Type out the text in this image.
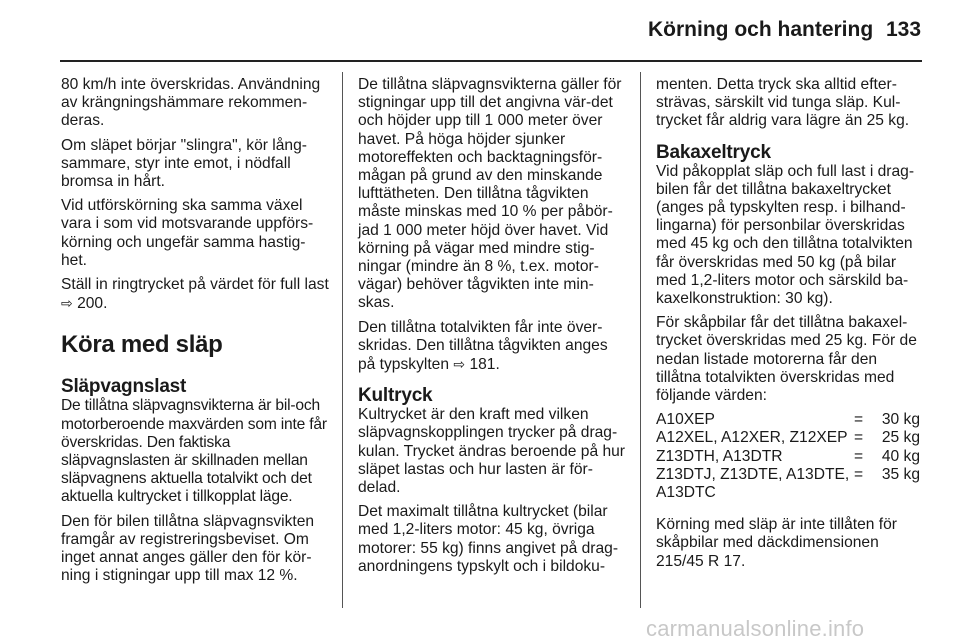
Körning och hantering 133

80 km/h inte överskridas. Användning av krängningshämmare rekommen-deras.

Om släpet börjar "slingra", kör lång-sammare, styr inte emot, i nödfall bromsa in hårt.

Vid utförskörning ska samma växel vara i som vid motsvarande uppförs-körning och ungefär samma hastig-het.

Ställ in ringtrycket på värdet för full last ⇨ 200.

Köra med släp
Släpvagnslast

De tillåtna släpvagnsvikterna är bil-och motorberoende maxvärden som inte får överskridas. Den faktiska släpvagnslasten är skillnaden mellan släpvagnens aktuella totalvikt och det aktuella kultrycket i tillkopplat läge.

Den för bilen tillåtna släpvagnsvikten framgår av registreringsbeviset. Om inget annat anges gäller den för kör-ning i stigningar upp till max 12 %.

De tillåtna släpvagnsvikterna gäller för stigningar upp till det angivna vär-det och höjder upp till 1 000 meter över havet. På höga höjder sjunker motoreffekten och backtagningsför-mågan på grund av den minskande lufttätheten. Den tillåtna tågvikten måste minskas med 10 % per påbör-jad 1 000 meter höjd över havet. Vid körning på vägar med mindre stig-ningar (mindre än 8 %, t.ex. motor-vägar) behöver tågvikten inte min-skas.

Den tillåtna totalvikten får inte över-skridas. Den tillåtna tågvikten anges på typskylten ⇨ 181.

Kultryck

Kultrycket är den kraft med vilken släpvagnskopplingen trycker på drag-kulan. Trycket ändras beroende på hur släpet lastas och hur lasten är för-delad.

Det maximalt tillåtna kultrycket (bilar med 1,2-liters motor: 45 kg, övriga motorer: 55 kg) finns angivet på drag-anordningens typskylt och i bildoku-

menten. Detta tryck ska alltid efter-strävas, särskilt vid tunga släp. Kul-trycket får aldrig vara lägre än 25 kg.

Bakaxeltryck

Vid påkopplat släp och full last i drag-bilen får det tillåtna bakaxeltrycket (anges på typskylten resp. i bilhand-lingarna) för personbilar överskridas med 45 kg och den tillåtna totalvikten får överskridas med 50 kg (på bilar med 1,2-liters motor och särskild ba-kaxelkonstruktion: 30 kg).

För skåpbilar får det tillåtna bakaxel-trycket överskridas med 25 kg. För de nedan listade motorerna får den tillåtna totalvikten överskridas med följande värden:

A10XEP	=	30 kg
A12XEL, A12XER, Z12XEP	=	25 kg
Z13DTH, A13DTR	=	40 kg
Z13DTJ, Z13DTE, A13DTE, A13DTC	=	35 kg

Körning med släp är inte tillåten för skåpbilar med däckdimensionen 215/45 R 17.

carmanualsonline.info
